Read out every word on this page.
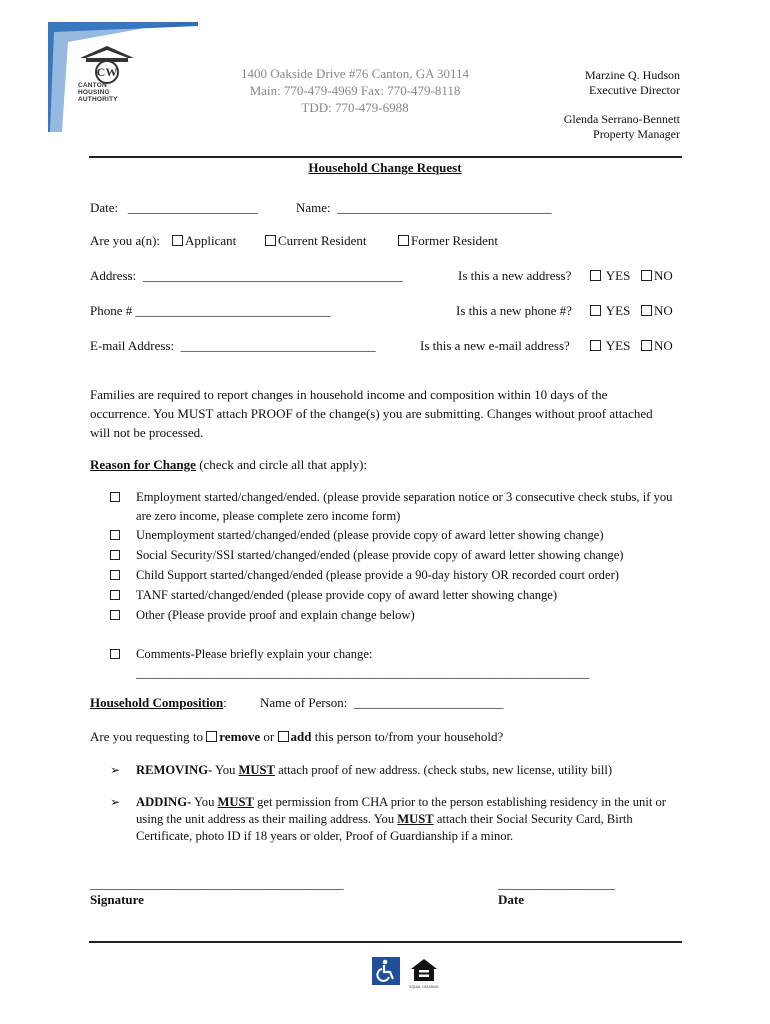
CW
CANTON
HOUSING
AUTHORITY
1400 Oakside Drive #76 Canton, GA 30114
Main: 770-479-4969 Fax: 770-479-8118
TDD: 770-479-6988
Marzine Q. Hudson
Executive Director
Glenda Serrano-Bennett
Property Manager
Household Change Request
Date: ____________________	Name: _________________________________
Are you a(n):	Applicant	Current Resident	Former Resident
Address: ________________________________________	Is this a new address?	YES	NO
Phone # ______________________________	Is this a new phone #?	YES	NO
E-mail Address: ______________________________	Is this a new e-mail address?	YES	NO
Families are required to report changes in household income and composition within 10 days of the occurrence. You MUST attach PROOF of the change(s) you are submitting. Changes without proof attached will not be processed.
Reason for Change (check and circle all that apply):
Employment started/changed/ended. (please provide separation notice or 3 consecutive check stubs, if you are zero income, please complete zero income form)
Unemployment started/changed/ended (please provide copy of award letter showing change)
Social Security/SSI started/changed/ended (please provide copy of award letter showing change)
Child Support started/changed/ended (please provide a 90-day history OR recorded court order)
TANF started/changed/ended (please provide copy of award letter showing change)
Other (Please provide proof and explain change below)
Comments-Please briefly explain your change:
________________________________________________________________________
Household Composition:	Name of Person: _______________________
Are you requesting to remove or add this person to/from your household?
➢ REMOVING- You MUST attach proof of new address. (check stubs, new license, utility bill)
➢ ADDING- You MUST get permission from CHA prior to the person establishing residency in the unit or using the unit address as their mailing address. You MUST attach their Social Security Card, Birth Certificate, photo ID if 18 years or older, Proof of Guardianship if a minor.
_______________________________________
Signature
__________________
Date
EQUAL HOUSING
